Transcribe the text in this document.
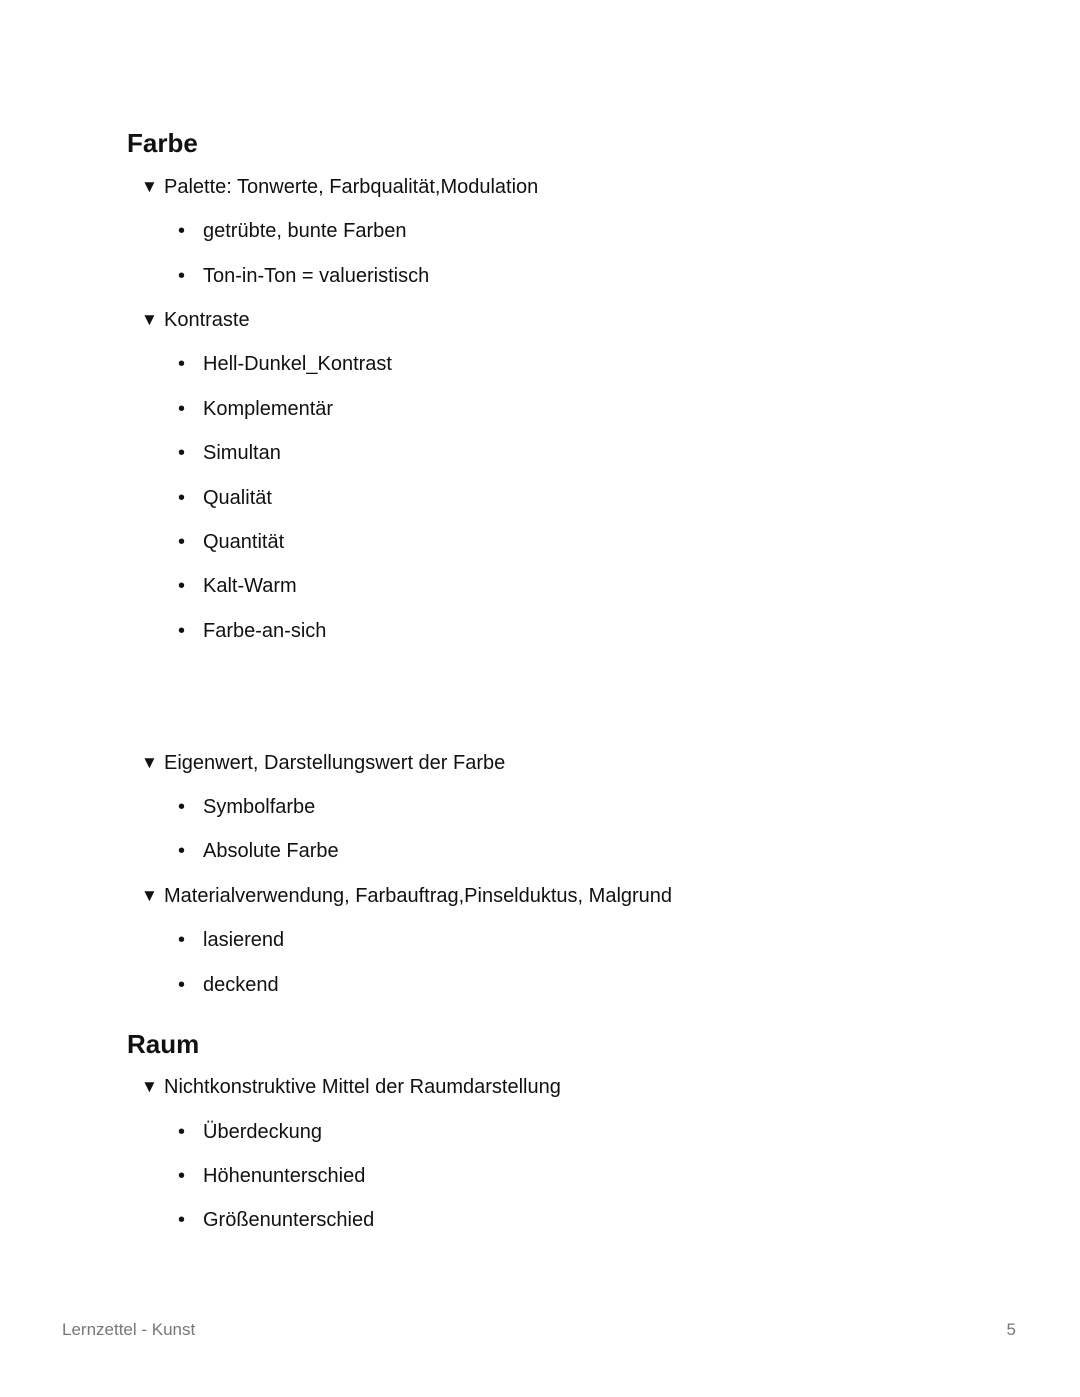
Farbe
▼ Palette: Tonwerte, Farbqualität,Modulation
• getrübte, bunte Farben
• Ton-in-Ton = valueristisch
▼ Kontraste
• Hell-Dunkel_Kontrast
• Komplementär
• Simultan
• Qualität
• Quantität
• Kalt-Warm
• Farbe-an-sich
▼ Eigenwert, Darstellungswert der Farbe
• Symbolfarbe
• Absolute Farbe
▼ Materialverwendung, Farbauftrag,Pinselduktus, Malgrund
• lasierend
• deckend
Raum
▼ Nichtkonstruktive Mittel der Raumdarstellung
• Überdeckung
• Höhenunterschied
• Größenunterschied
Lernzettel - Kunst	5
